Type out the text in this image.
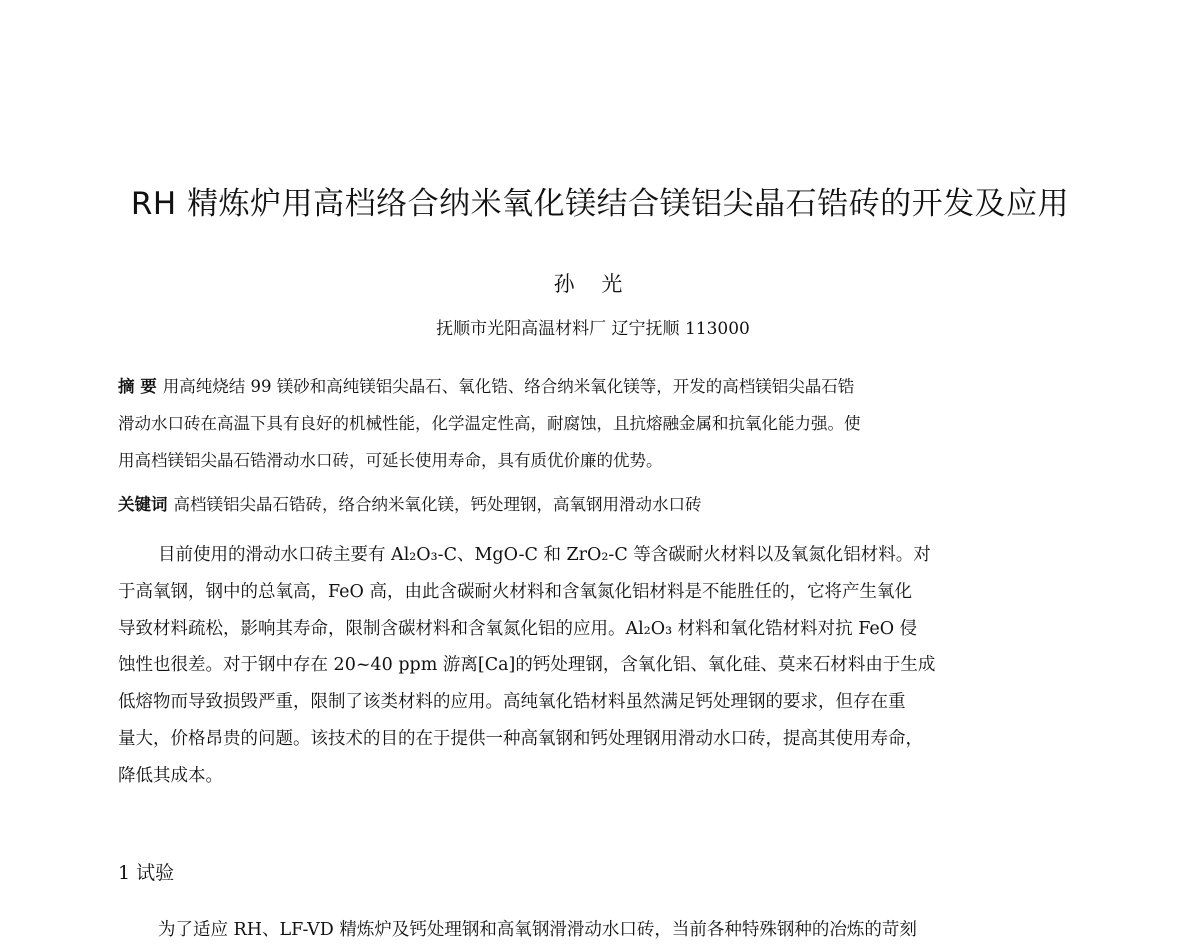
RH 精炼炉用高档络合纳米氧化镁结合镁铝尖晶石锆砖的开发及应用
孙 光
抚顺市光阳高温材料厂 辽宁抚顺 113000
摘 要 用高纯烧结 99 镁砂和高纯镁铝尖晶石、氧化锆、络合纳米氧化镁等，开发的高档镁铝尖晶石锆
滑动水口砖在高温下具有良好的机械性能，化学温定性高，耐腐蚀，且抗熔融金属和抗氧化能力强。使
用高档镁铝尖晶石锆滑动水口砖，可延长使用寿命，具有质优价廉的优势。
关键词 高档镁铝尖晶石锆砖，络合纳米氧化镁，钙处理钢，高氧钢用滑动水口砖
目前使用的滑动水口砖主要有 Al₂O₃-C、MgO-C 和 ZrO₂-C 等含碳耐火材料以及氧氮化铝材料。对
于高氧钢，钢中的总氧高，FeO 高，由此含碳耐火材料和含氧氮化铝材料是不能胜任的，它将产生氧化
导致材料疏松，影响其寿命，限制含碳材料和含氧氮化铝的应用。Al₂O₃ 材料和氧化锆材料对抗 FeO 侵
蚀性也很差。对于钢中存在 20~40 ppm 游离[Ca]的钙处理钢，含氧化铝、氧化硅、莫来石材料由于生成
低熔物而导致损毁严重，限制了该类材料的应用。高纯氧化锆材料虽然满足钙处理钢的要求，但存在重
量大，价格昂贵的问题。该技术的目的在于提供一种高氧钢和钙处理钢用滑动水口砖，提高其使用寿命，
降低其成本。
1 试验
为了适应 RH、LF-VD 精炼炉及钙处理钢和高氧钢滑滑动水口砖，当前各种特殊钢种的冶炼的苛刻
